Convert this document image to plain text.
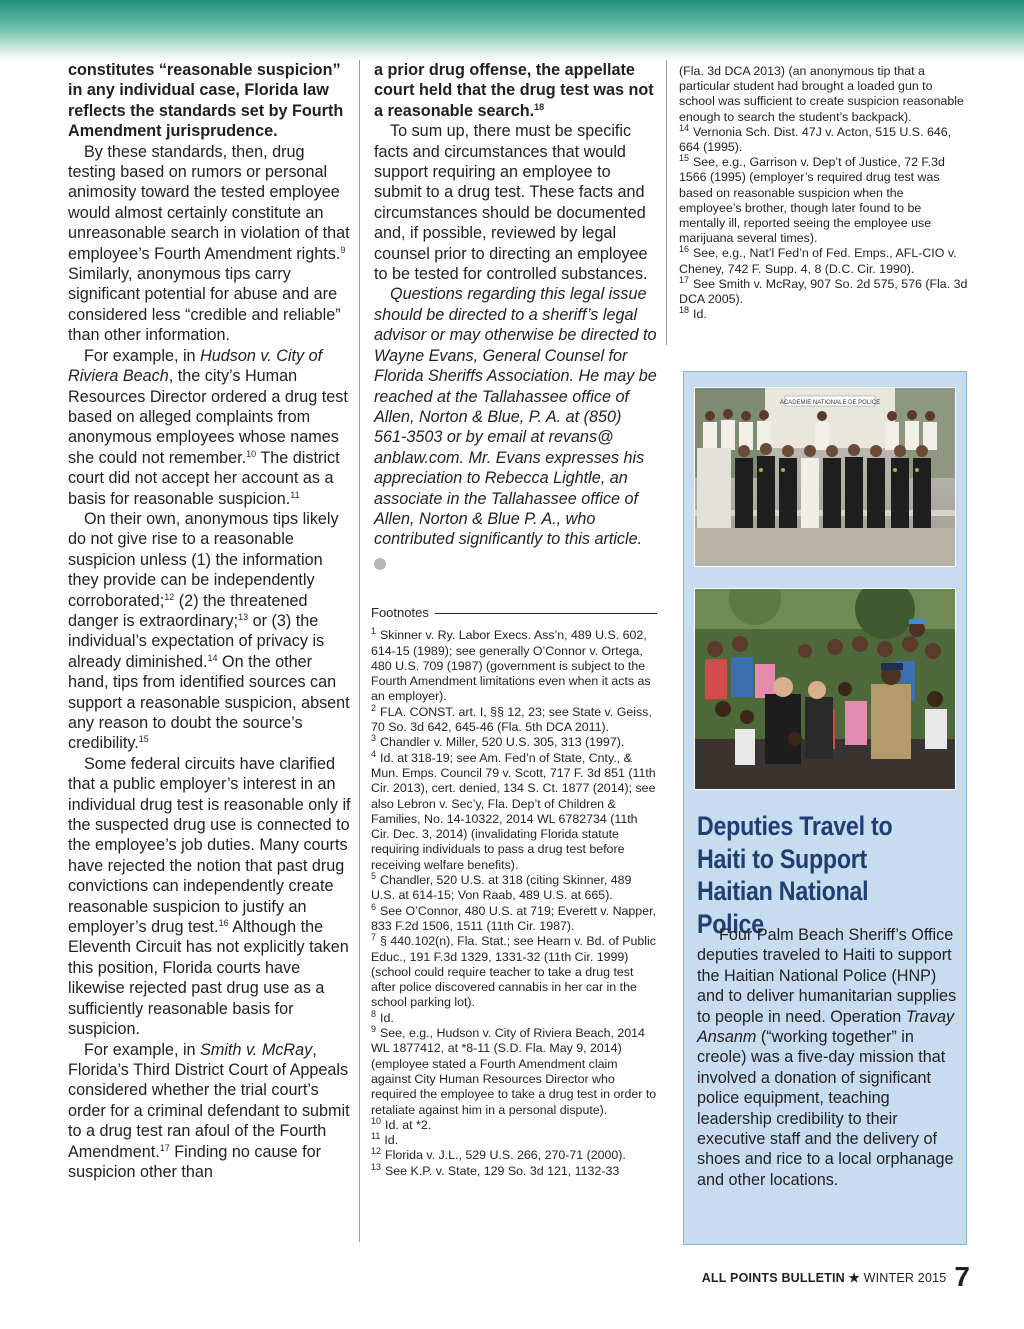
constitutes “reasonable suspicion” in any individual case, Florida law reflects the standards set by Fourth Amendment jurisprudence.

By these standards, then, drug testing based on rumors or personal animosity toward the tested employee would almost certainly constitute an unreasonable search in violation of that employee’s Fourth Amendment rights.$^9$ Similarly, anonymous tips carry significant potential for abuse and are considered less “credible and reliable” than other information.

For example, in Hudson v. City of Riviera Beach, the city’s Human Resources Director ordered a drug test based on alleged complaints from anonymous employees whose names she could not remember.$^{10}$ The district court did not accept her account as a basis for reasonable suspicion.$^{11}$

On their own, anonymous tips likely do not give rise to a reasonable suspicion unless (1) the information they provide can be independently corroborated;$^{12}$ (2) the threatened danger is extraordinary;$^{13}$ or (3) the individual’s expectation of privacy is already diminished.$^{14}$ On the other hand, tips from identified sources can support a reasonable suspicion, absent any reason to doubt the source’s credibility.$^{15}$

Some federal circuits have clarified that a public employer’s interest in an individual drug test is reasonable only if the suspected drug use is connected to the employee’s job duties. Many courts have rejected the notion that past drug convictions can independently create reasonable suspicion to justify an employer’s drug test.$^{16}$ Although the Eleventh Circuit has not explicitly taken this position, Florida courts have likewise rejected past drug use as a sufficiently reasonable basis for suspicion.

For example, in Smith v. McRay, Florida’s Third District Court of Appeals considered whether the trial court’s order for a criminal defendant to submit to a drug test ran afoul of the Fourth Amendment.$^{17}$ Finding no cause for suspicion other than

a prior drug offense, the appellate court held that the drug test was not a reasonable search.$^{18}$

To sum up, there must be specific facts and circumstances that would support requiring an employee to submit to a drug test. These facts and circumstances should be documented and, if possible, reviewed by legal counsel prior to directing an employee to be tested for controlled substances.

Questions regarding this legal issue should be directed to a sheriff’s legal advisor or may otherwise be directed to Wayne Evans, General Counsel for Florida Sheriffs Association. He may be reached at the Tallahassee office of Allen, Norton & Blue, P. A. at (850) 561-3503 or by email at revans@ anblaw.com. Mr. Evans expresses his appreciation to Rebecca Lightle, an associate in the Tallahassee office of Allen, Norton & Blue P. A., who contributed significantly to this article. ✪

Footnotes

$^1$ Skinner v. Ry. Labor Execs. Ass’n, 489 U.S. 602, 614-15 (1989); see generally O’Connor v. Ortega, 480 U.S. 709 (1987) (government is subject to the Fourth Amendment limitations even when it acts as an employer).

$^2$ FLA. CONST. art. I, §§ 12, 23; see State v. Geiss, 70 So. 3d 642, 645-46 (Fla. 5th DCA 2011).

$^3$ Chandler v. Miller, 520 U.S. 305, 313 (1997).

$^4$ Id. at 318-19; see Am. Fed’n of State, Cnty., & Mun. Emps. Council 79 v. Scott, 717 F. 3d 851 (11th Cir. 2013), cert. denied, 134 S. Ct. 1877 (2014); see also Lebron v. Sec’y, Fla. Dep’t of Children & Families, No. 14-10322, 2014 WL 6782734 (11th Cir. Dec. 3, 2014) (invalidating Florida statute requiring individuals to pass a drug test before receiving welfare benefits).

$^5$ Chandler, 520 U.S. at 318 (citing Skinner, 489 U.S. at 614-15; Von Raab, 489 U.S. at 665).

$^6$ See O’Connor, 480 U.S. at 719; Everett v. Napper, 833 F.2d 1506, 1511 (11th Cir. 1987).

$^7$ § 440.102(n), Fla. Stat.; see Hearn v. Bd. of Public Educ., 191 F.3d 1329, 1331-32 (11th Cir. 1999) (school could require teacher to take a drug test after police discovered cannabis in her car in the school parking lot).

$^8$ Id.

$^9$ See, e.g., Hudson v. City of Riviera Beach, 2014 WL 1877412, at *8-11 (S.D. Fla. May 9, 2014) (employee stated a Fourth Amendment claim against City Human Resources Director who required the employee to take a drug test in order to retaliate against him in a personal dispute).

$^{10}$ Id. at *2.

$^{11}$ Id.

$^{12}$ Florida v. J.L., 529 U.S. 266, 270-71 (2000).

$^{13}$ See K.P. v. State, 129 So. 3d 121, 1132-33

(Fla. 3d DCA 2013) (an anonymous tip that a particular student had brought a loaded gun to school was sufficient to create suspicion reasonable enough to search the student’s backpack).

$^{14}$ Vernonia Sch. Dist. 47J v. Acton, 515 U.S. 646, 664 (1995).

$^{15}$ See, e.g., Garrison v. Dep’t of Justice, 72 F.3d 1566 (1995) (employer’s required drug test was based on reasonable suspicion when the employee’s brother, though later found to be mentally ill, reported seeing the employee use marijuana several times).

$^{16}$ See, e.g., Nat’l Fed’n of Fed. Emps., AFL-CIO v. Cheney, 742 F. Supp. 4, 8 (D.C. Cir. 1990).

$^{17}$ See Smith v. McRay, 907 So. 2d 575, 576 (Fla. 3d DCA 2005).

$^{18}$ Id.

ACADEMIE NATIONALE DE POLICE
Deputies Travel to Haiti to Support Haitian National Police

Four Palm Beach Sheriff’s Office deputies traveled to Haiti to support the Haitian National Police (HNP) and to deliver humanitarian supplies to people in need. Operation Travay Ansanm (“working together” in creole) was a five-day mission that involved a donation of significant police equipment, teaching leadership credibility to their executive staff and the delivery of shoes and rice to a local orphanage and other locations.

ALL POINTS BULLETIN ★ WINTER 2015 7
